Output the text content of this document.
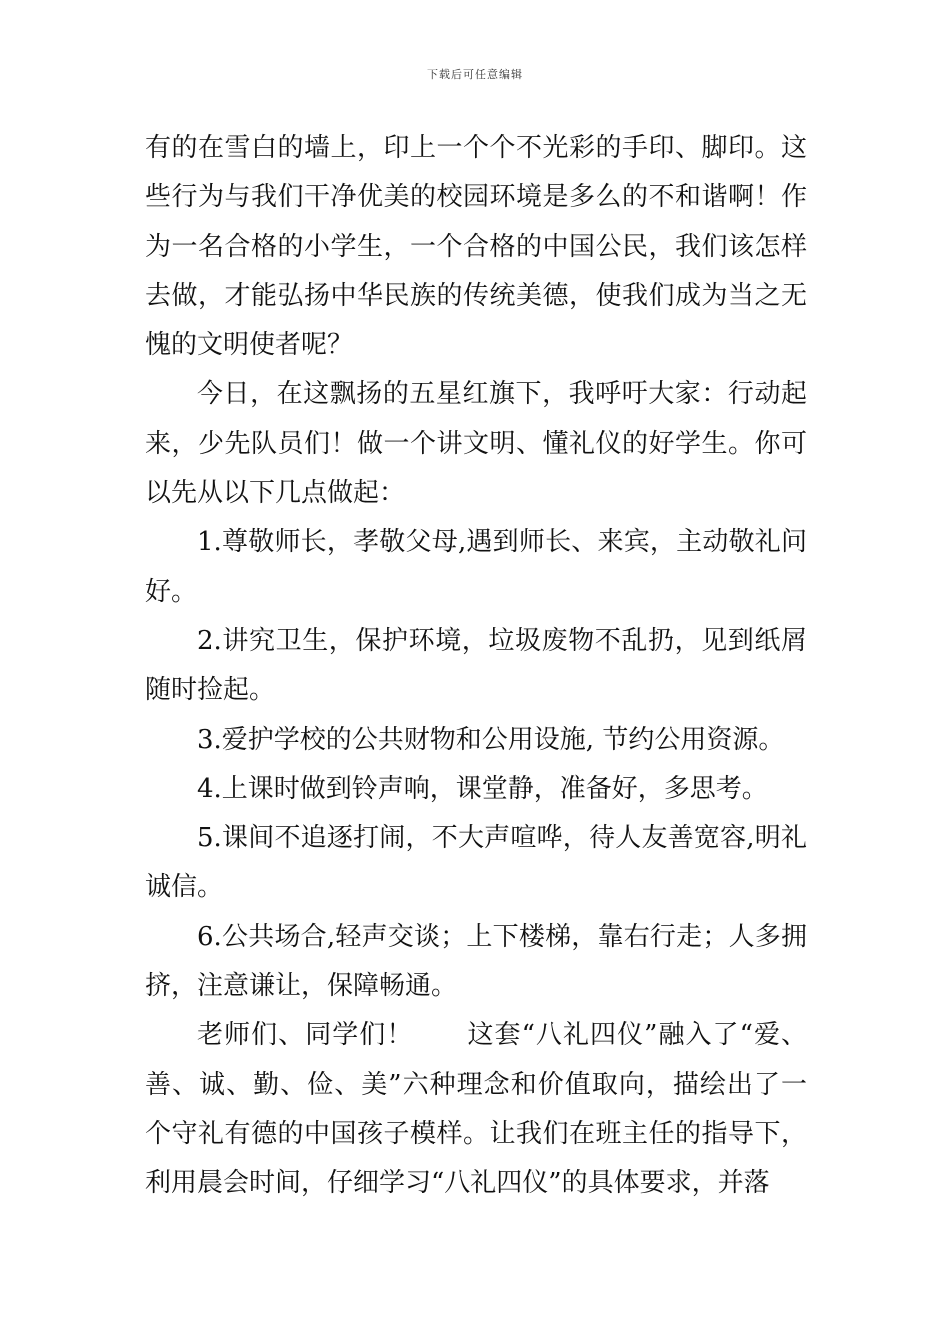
下载后可任意编辑

有的在雪白的墙上，印上一个个不光彩的手印、脚印。这些行为与我们干净优美的校园环境是多么的不和谐啊！作为一名合格的小学生，一个合格的中国公民，我们该怎样去做，才能弘扬中华民族的传统美德，使我们成为当之无愧的文明使者呢？

今日，在这飘扬的五星红旗下，我呼吁大家：行动起来，少先队员们！做一个讲文明、懂礼仪的好学生。你可以先从以下几点做起：

1.尊敬师长，孝敬父母,遇到师长、来宾，主动敬礼问好。

2.讲究卫生，保护环境，垃圾废物不乱扔，见到纸屑随时捡起。

3.爱护学校的公共财物和公用设施, 节约公用资源。

4.上课时做到铃声响，课堂静，准备好，多思考。

5.课间不追逐打闹，不大声喧哗，待人友善宽容,明礼诚信。

6.公共场合,轻声交谈；上下楼梯，靠右行走；人多拥挤，注意谦让，保障畅通。

老师们、同学们！　　这套“八礼四仪”融入了“爱、善、诚、勤、俭、美”六种理念和价值取向，描绘出了一个守礼有德的中国孩子模样。让我们在班主任的指导下，利用晨会时间，仔细学习“八礼四仪”的具体要求，并落
